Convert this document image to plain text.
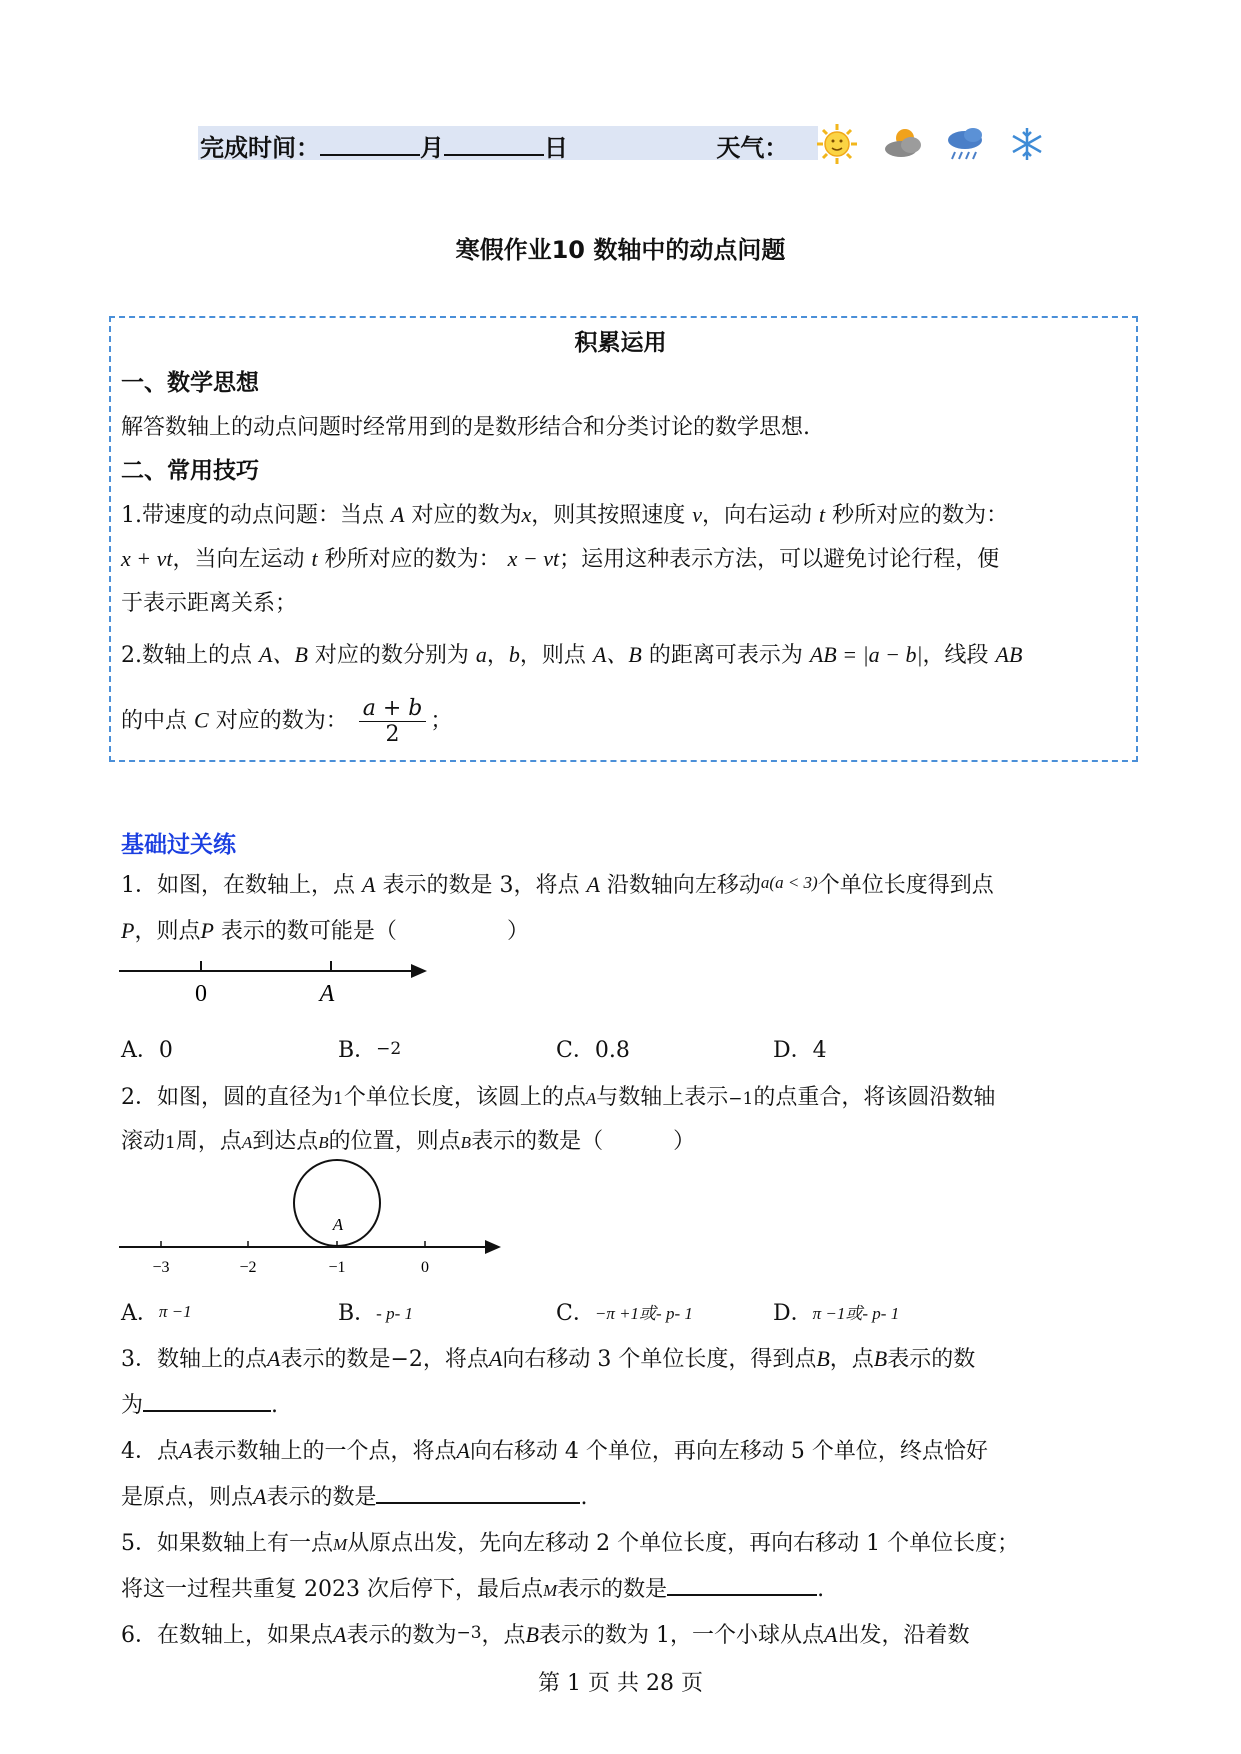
完成时间：	月	日	天气：
寒假作业10 数轴中的动点问题
积累运用
一、数学思想
解答数轴上的动点问题时经常用到的是数形结合和分类讨论的数学思想.
二、常用技巧
1.带速度的动点问题：当点 A 对应的数为x，则其按照速度 v，向右运动 t 秒所对应的数为：
x + vt，当向左运动 t 秒所对应的数为： x − vt；运用这种表示方法，可以避免讨论行程，便
于表示距离关系；
2.数轴上的点 A、B 对应的数分别为 a，b，则点 A、B 的距离可表示为 AB = |a − b|，线段 AB
的中点 C 对应的数为： $\frac{a + b}{2}$ ；
基础过关练
1．如图，在数轴上，点 A 表示的数是 3，将点 A 沿数轴向左移动a(a < 3)个单位长度得到点
P，则点P 表示的数可能是（	）
0	A
A．0	B．−2	C．0.8	D．4
2．如图，圆的直径为1个单位长度，该圆上的点A与数轴上表示−1的点重合，将该圆沿数轴
滚动1周，点A到达点B的位置，则点B表示的数是（	）
A
−3	−2	−1	0
A．π −1	B．- p- 1	C．−π +1或- p- 1	D．π −1或- p- 1
3．数轴上的点A表示的数是−2，将点A向右移动 3 个单位长度，得到点B，点B表示的数
为	.
4．点A表示数轴上的一个点，将点A向右移动 4 个单位，再向左移动 5 个单位，终点恰好
是原点，则点A表示的数是	.
5．如果数轴上有一点M从原点出发，先向左移动 2 个单位长度，再向右移动 1 个单位长度；
将这一过程共重复 2023 次后停下，最后点M表示的数是	.
6．在数轴上，如果点A表示的数为−3，点B表示的数为 1，一个小球从点A出发，沿着数
第 1 页 共 28 页
